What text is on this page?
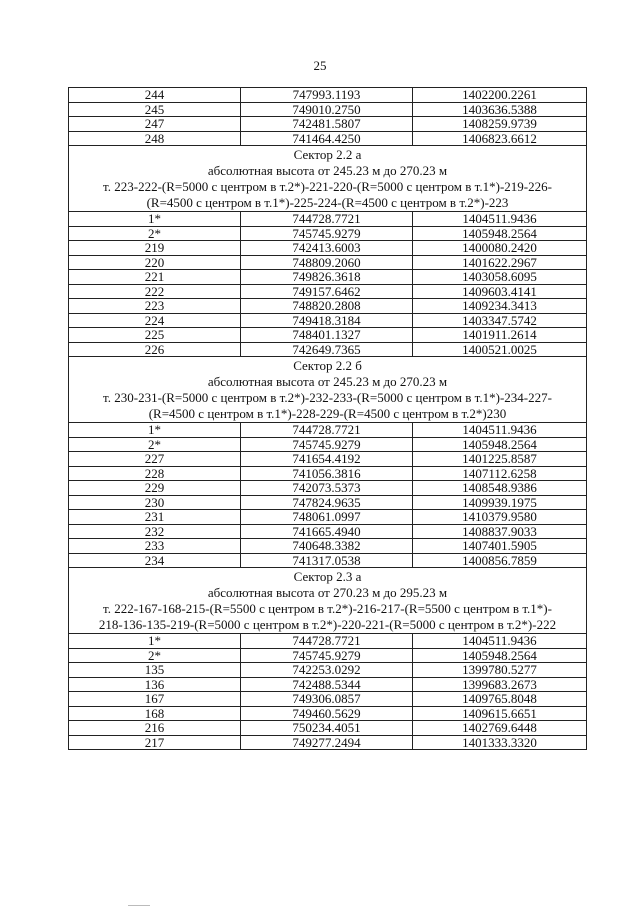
25
244	747993.1193	1402200.2261
245	749010.2750	1403636.5388
247	742481.5807	1408259.9739
248	741464.4250	1406823.6612

Сектор 2.2 а
абсолютная высота от 245.23 м до 270.23 м
т. 223-222-(R=5000 с центром в т.2*)-221-220-(R=5000 с центром в т.1*)-219-226-
(R=4500 с центром в т.1*)-225-224-(R=4500 с центром в т.2*)-223		

1*	744728.7721	1404511.9436
2*	745745.9279	1405948.2564
219	742413.6003	1400080.2420
220	748809.2060	1401622.2967
221	749826.3618	1403058.6095
222	749157.6462	1409603.4141
223	748820.2808	1409234.3413
224	749418.3184	1403347.5742
225	748401.1327	1401911.2614
226	742649.7365	1400521.0025

Сектор 2.2 б
абсолютная высота от 245.23 м до 270.23 м
т. 230-231-(R=5000 с центром в т.2*)-232-233-(R=5000 с центром в т.1*)-234-227-
(R=4500 с центром в т.1*)-228-229-(R=4500 с центром в т.2*)230		

1*	744728.7721	1404511.9436
2*	745745.9279	1405948.2564
227	741654.4192	1401225.8587
228	741056.3816	1407112.6258
229	742073.5373	1408548.9386
230	747824.9635	1409939.1975
231	748061.0997	1410379.9580
232	741665.4940	1408837.9033
233	740648.3382	1407401.5905
234	741317.0538	1400856.7859

Сектор 2.3 а
абсолютная высота от 270.23 м до 295.23 м
т. 222-167-168-215-(R=5500 с центром в т.2*)-216-217-(R=5500 с центром в т.1*)-
218-136-135-219-(R=5000 с центром в т.2*)-220-221-(R=5000 с центром в т.2*)-222		

1*	744728.7721	1404511.9436
2*	745745.9279	1405948.2564
135	742253.0292	1399780.5277
136	742488.5344	1399683.2673
167	749306.0857	1409765.8048
168	749460.5629	1409615.6651
216	750234.4051	1402769.6448
217	749277.2494	1401333.3320
